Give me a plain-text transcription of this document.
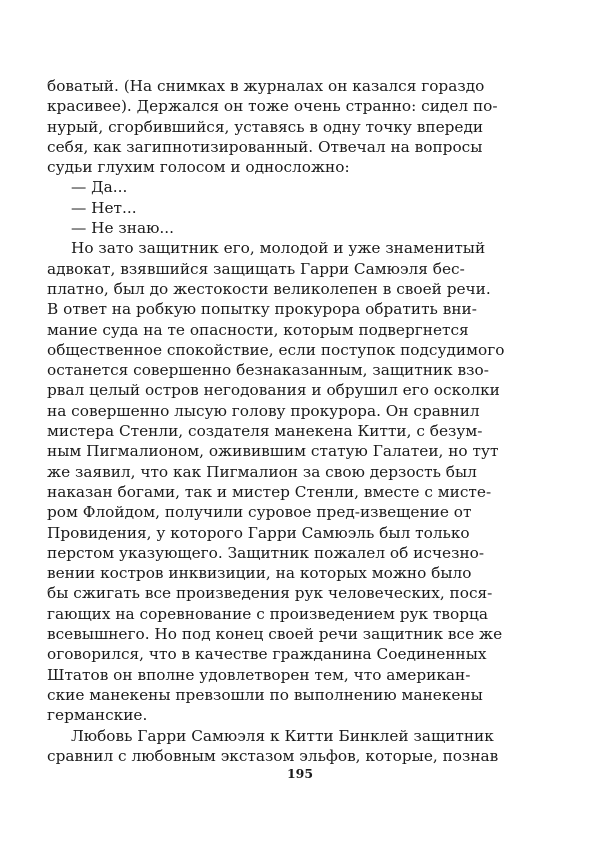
боватый. (На снимках в журналах он казался гораздо
красивее). Держался он тоже очень странно: сидел по-
нурый, сгорбившийся, уставясь в одну точку впереди
себя, как загипнотизированный. Отвечал на вопросы
судьи глухим голосом и односложно:
— Да...
— Нет...
— Не знаю...
Но зато защитник его, молодой и уже знаменитый
адвокат, взявшийся защищать Гарри Самюэля бес-
платно, был до жестокости великолепен в своей речи.
В ответ на робкую попытку прокурора обратить вни-
мание суда на те опасности, которым подвергнется
общественное спокойствие, если поступок подсудимого
останется совершенно безнаказанным, защитник взо-
рвал целый остров негодования и обрушил его осколки
на совершенно лысую голову прокурора. Он сравнил
мистера Стенли, создателя манекена Китти, с безум-
ным Пигмалионом, оживившим статую Галатеи, но тут
же заявил, что как Пигмалион за свою дерзость был
наказан богами, так и мистер Стенли, вместе с мисте-
ром Флойдом, получили суровое пред-извещение от
Провидения, у которого Гарри Самюэль был только
перстом указующего. Защитник пожалел об исчезно-
вении костров инквизиции, на которых можно было
бы сжигать все произведения рук человеческих, пося-
гающих на соревнование с произведением рук творца
всевышнего. Но под конец своей речи защитник все же
оговорился, что в качестве гражданина Соединенных
Штатов он вполне удовлетворен тем, что американ-
ские манекены превзошли по выполнению манекены
германские.
Любовь Гарри Самюэля к Китти Бинклей защитник
сравнил с любовным экстазом эльфов, которые, познав
195
